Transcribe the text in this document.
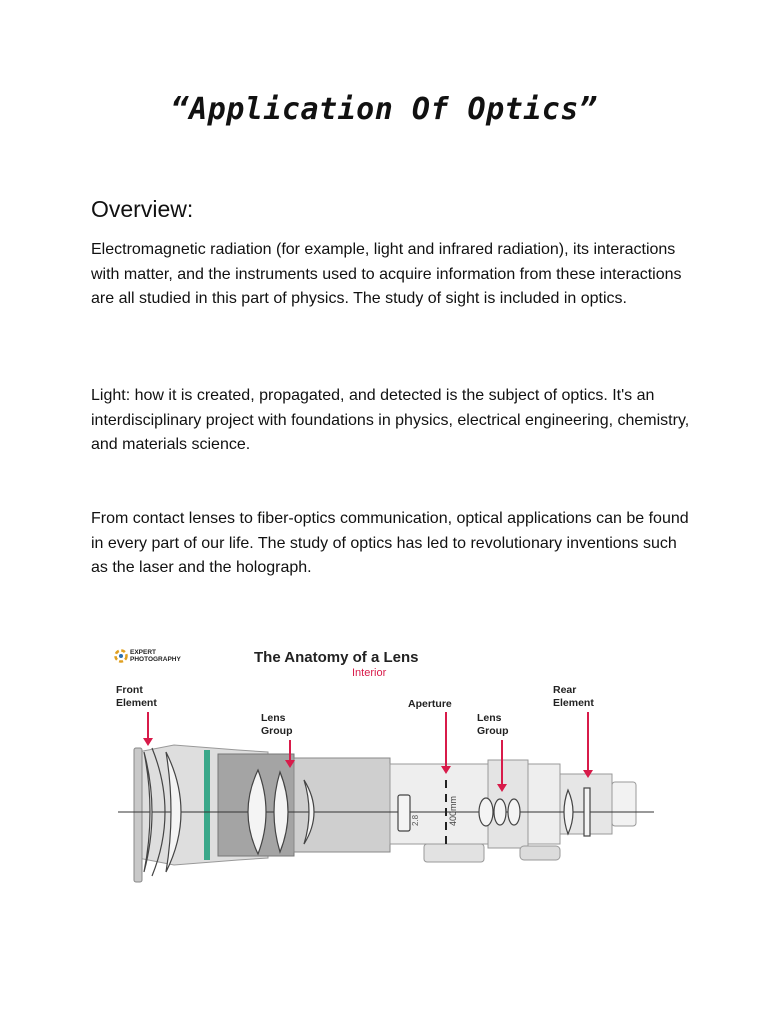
“Application Of Optics”
Overview:

Electromagnetic radiation (for example, light and infrared radiation), its interactions with matter, and the instruments used to acquire information from these interactions are all studied in this part of physics. The study of sight is included in optics.

Light: how it is created, propagated, and detected is the subject of optics. It's an interdisciplinary project with foundations in physics, electrical engineering, chemistry, and materials science.

From contact lenses to fiber-optics communication, optical applications can be found in every part of our life. The study of optics has led to revolutionary inventions such as the laser and the holograph.

EXPERT
PHOTOGRAPHY	The Anatomy of a Lens
Interior
Front
Element
Lens
Group
Aperture
Lens
Group
Rear
Element
400mm
2.8
